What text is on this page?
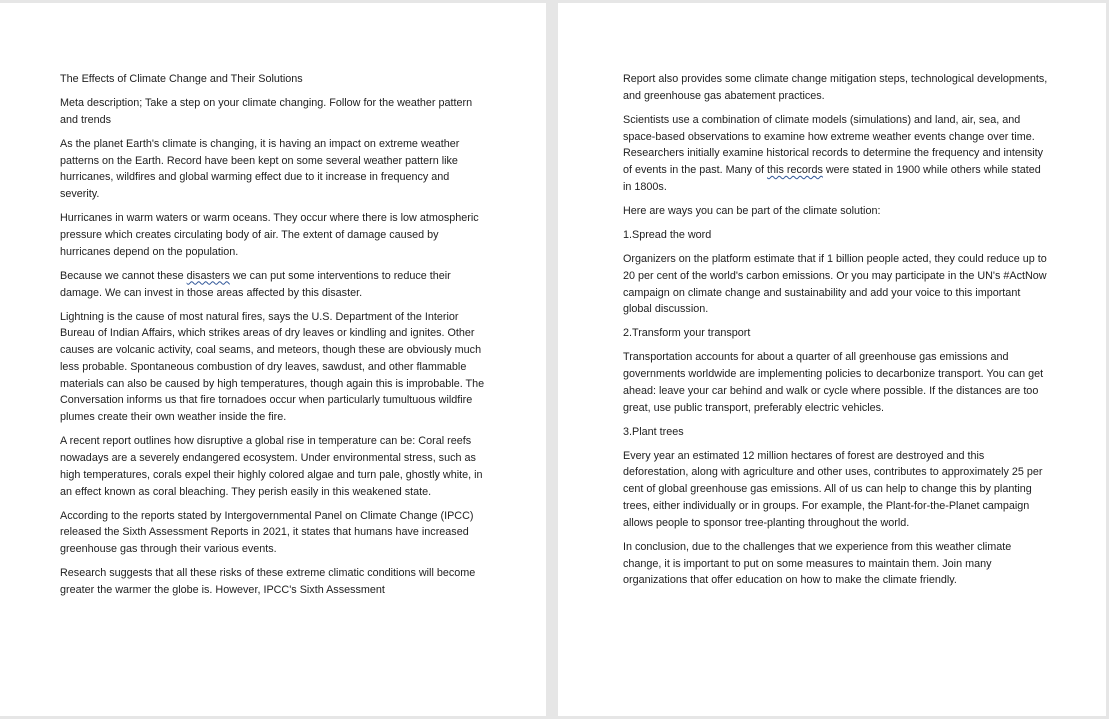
The Effects of Climate Change and Their Solutions

Meta description; Take a step on your climate changing. Follow for the weather pattern and trends

As the planet Earth's climate is changing, it is having an impact on extreme weather patterns on the Earth. Record have been kept on some several weather pattern like hurricanes, wildfires and global warming effect due to it increase in frequency and severity.

Hurricanes in warm waters or warm oceans. They occur where there is low atmospheric pressure which creates circulating body of air. The extent of damage caused by hurricanes depend on the population.

Because we cannot these disasters we can put some interventions to reduce their damage. We can invest in those areas affected by this disaster.

Lightning is the cause of most natural fires, says the U.S. Department of the Interior Bureau of Indian Affairs, which strikes areas of dry leaves or kindling and ignites. Other causes are volcanic activity, coal seams, and meteors, though these are obviously much less probable. Spontaneous combustion of dry leaves, sawdust, and other flammable materials can also be caused by high temperatures, though again this is improbable. The Conversation informs us that fire tornadoes occur when particularly tumultuous wildfire plumes create their own weather inside the fire.

A recent report outlines how disruptive a global rise in temperature can be: Coral reefs nowadays are a severely endangered ecosystem. Under environmental stress, such as high temperatures, corals expel their highly colored algae and turn pale, ghostly white, in an effect known as coral bleaching. They perish easily in this weakened state.

According to the reports stated by Intergovernmental Panel on Climate Change (IPCC) released the Sixth Assessment Reports in 2021, it states that humans have increased greenhouse gas through their various events.

Research suggests that all these risks of these extreme climatic conditions will become greater the warmer the globe is. However, IPCC's Sixth Assessment

Report also provides some climate change mitigation steps, technological developments, and greenhouse gas abatement practices.

Scientists use a combination of climate models (simulations) and land, air, sea, and space-based observations to examine how extreme weather events change over time. Researchers initially examine historical records to determine the frequency and intensity of events in the past. Many of this records were stated in 1900 while others while stated in 1800s.

Here are ways you can be part of the climate solution:

1.Spread the word

Organizers on the platform estimate that if 1 billion people acted, they could reduce up to 20 per cent of the world's carbon emissions. Or you may participate in the UN's #ActNow campaign on climate change and sustainability and add your voice to this important global discussion.

2.Transform your transport

Transportation accounts for about a quarter of all greenhouse gas emissions and governments worldwide are implementing policies to decarbonize transport. You can get ahead: leave your car behind and walk or cycle where possible. If the distances are too great, use public transport, preferably electric vehicles.

3.Plant trees

Every year an estimated 12 million hectares of forest are destroyed and this deforestation, along with agriculture and other uses, contributes to approximately 25 per cent of global greenhouse gas emissions. All of us can help to change this by planting trees, either individually or in groups. For example, the Plant-for-the-Planet campaign allows people to sponsor tree-planting throughout the world.

In conclusion, due to the challenges that we experience from this weather climate change, it is important to put on some measures to maintain them. Join many organizations that offer education on how to make the climate friendly.
